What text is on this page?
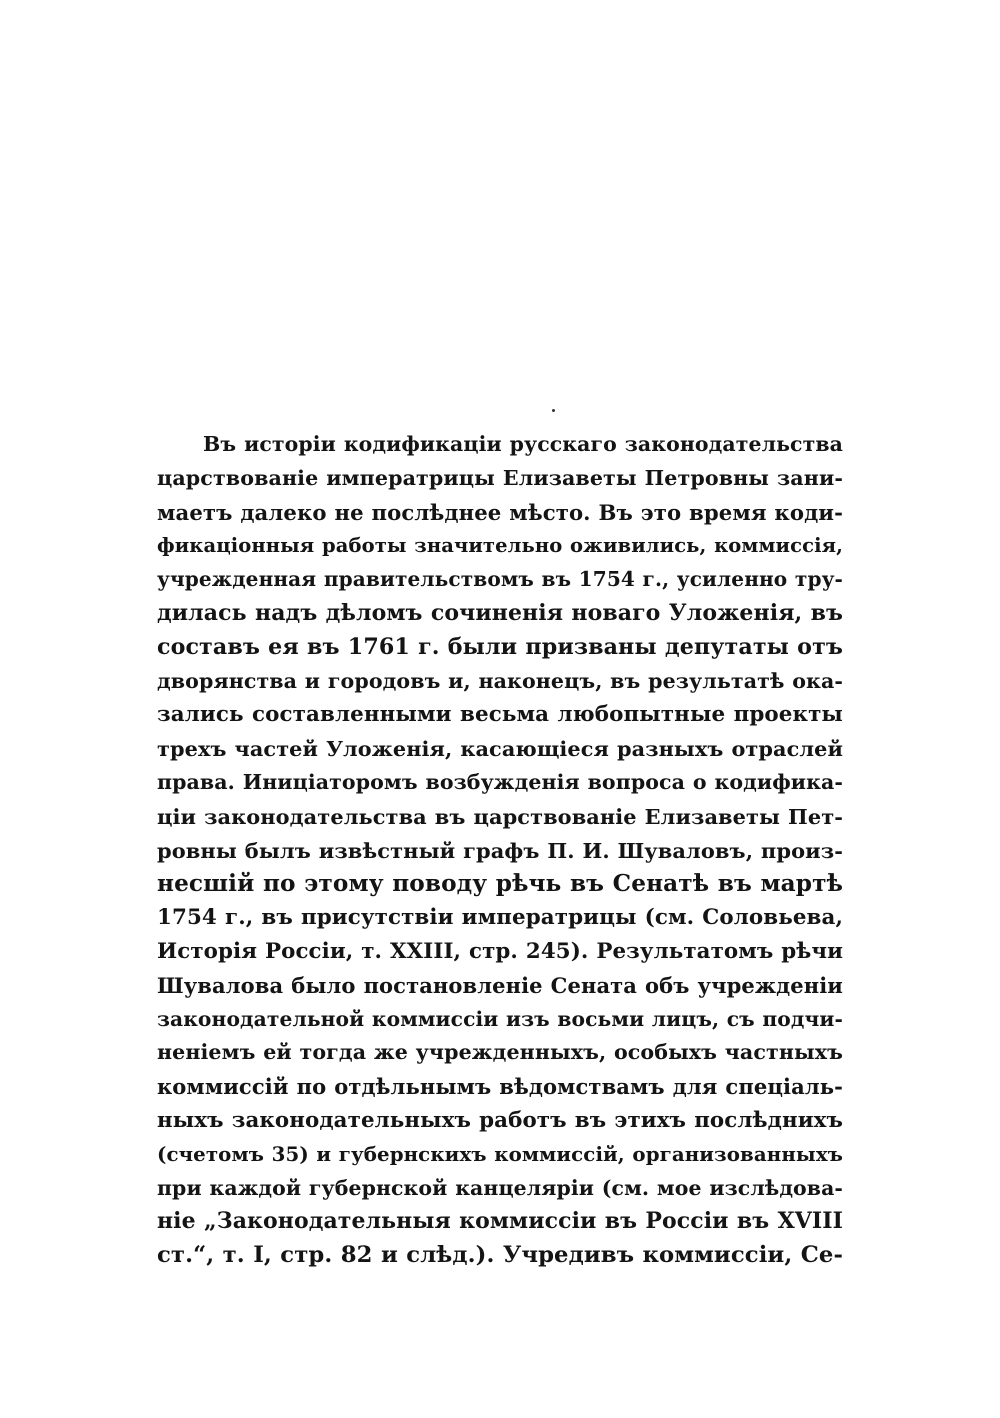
Въ исторіи кодификаціи русскаго законодательства
царствованіе императрицы Елизаветы Петровны зани-
маетъ далеко не послѣднее мѣсто. Въ это время коди-
фикаціонныя работы значительно оживились, коммиссія,
учрежденная правительствомъ въ 1754 г., усиленно тру-
дилась надъ дѣломъ сочиненія новаго Уложенія, въ
составъ ея въ 1761 г. были призваны депутаты отъ
дворянства и городовъ и, наконецъ, въ результатѣ ока-
зались составленными весьма любопытные проекты
трехъ частей Уложенія, касающіеся разныхъ отраслей
права. Иниціаторомъ возбужденія вопроса о кодифика-
ціи законодательства въ царствованіе Елизаветы Пет-
ровны былъ извѣстный графъ П. И. Шуваловъ, произ-
несшій по этому поводу рѣчь въ Сенатѣ въ мартѣ
1754 г., въ присутствіи императрицы (см. Соловьева,
Исторія Россіи, т. XXIII, стр. 245). Результатомъ рѣчи
Шувалова было постановленіе Сената объ учрежденіи
законодательной коммиссіи изъ восьми лицъ, съ подчи-
неніемъ ей тогда же учрежденныхъ, особыхъ частныхъ
коммиссій по отдѣльнымъ вѣдомствамъ для спеціаль-
ныхъ законодательныхъ работъ въ этихъ послѣднихъ
(счетомъ 35) и губернскихъ коммиссій, организованныхъ
при каждой губернской канцеляріи (см. мое изслѣдова-
ніе „Законодательныя коммиссіи въ Россіи въ XVIII
ст.“, т. I, стр. 82 и слѣд.). Учредивъ коммиссіи, Се-
